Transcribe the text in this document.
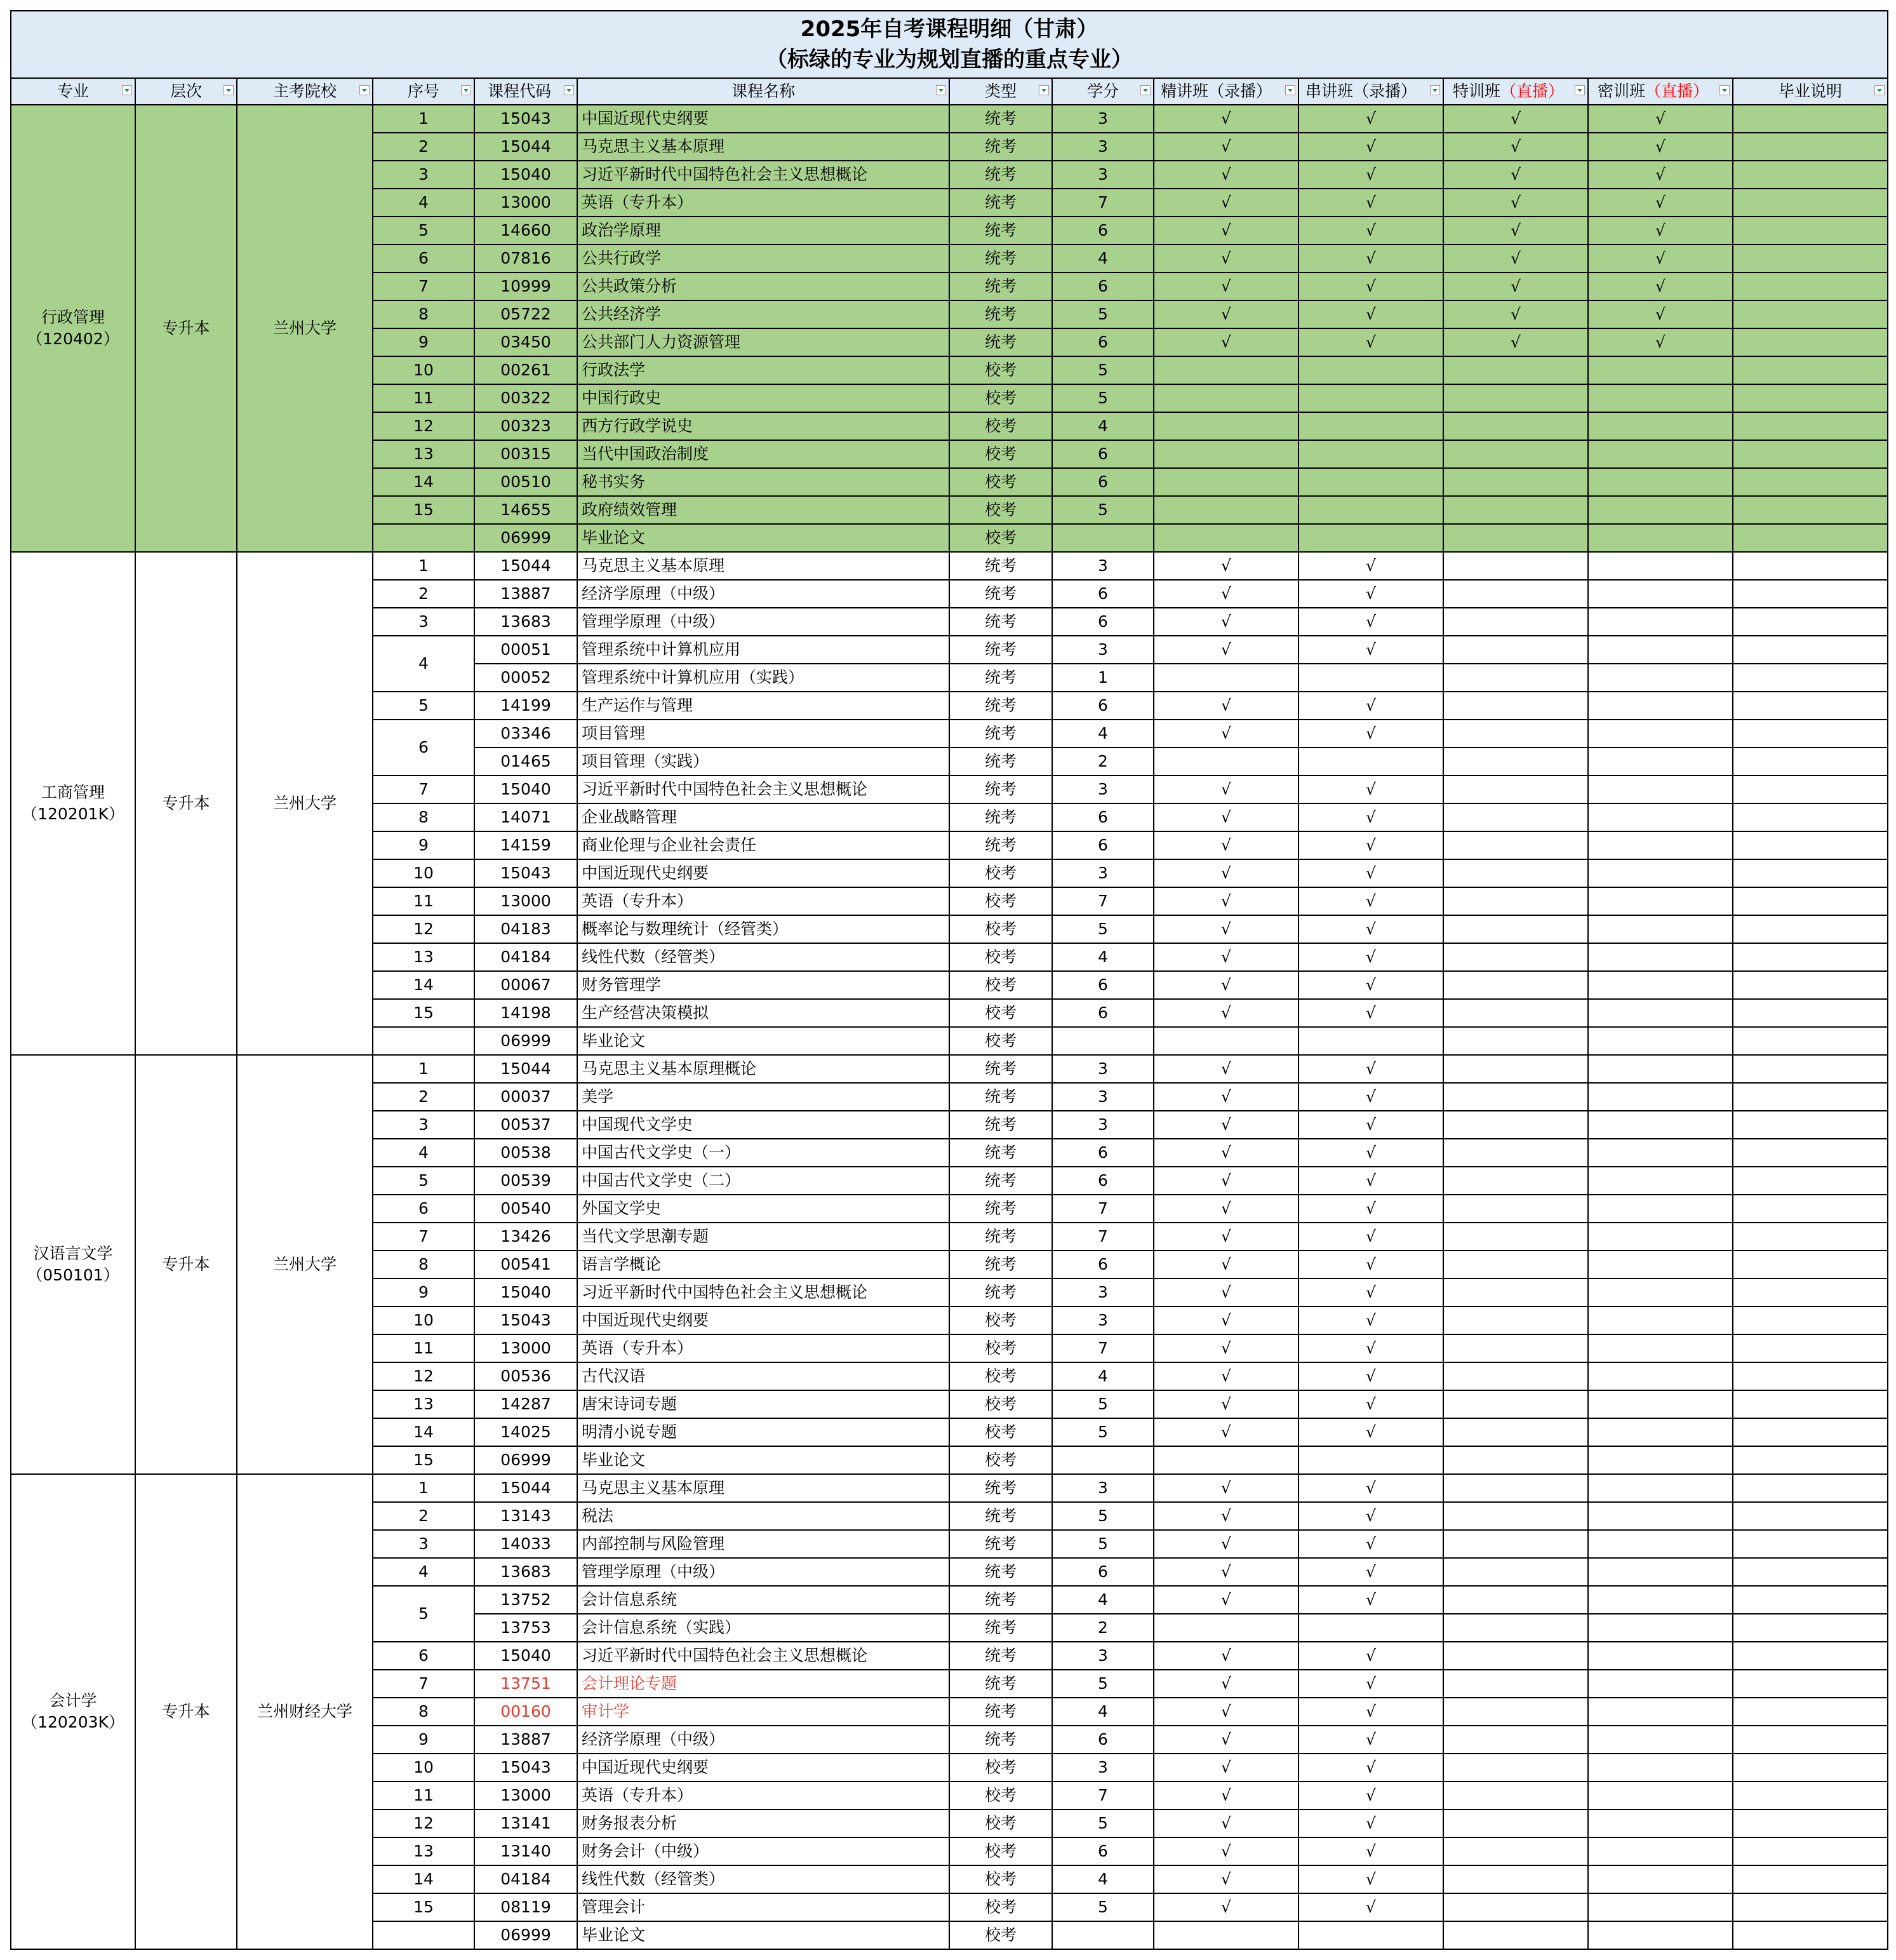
2025年自考课程明细（甘肃）
（标绿的专业为规划直播的重点专业）												

专业	层次	主考院校	序号	课程代码	课程名称	类型	学分	精讲班（录播）	串讲班（录播）	特训班（直播）	密训班（直播）	毕业说明

行政管理
（120402）	专升本	兰州大学	1	15043	中国近现代史纲要	统考	3	√	√	√	√	
			2	15044	马克思主义基本原理	统考	3	√	√	√	√	
			3	15040	习近平新时代中国特色社会主义思想概论	统考	3	√	√	√	√	
			4	13000	英语（专升本）	统考	7	√	√	√	√	
			5	14660	政治学原理	统考	6	√	√	√	√	
			6	07816	公共行政学	统考	4	√	√	√	√	
			7	10999	公共政策分析	统考	6	√	√	√	√	
			8	05722	公共经济学	统考	5	√	√	√	√	
			9	03450	公共部门人力资源管理	统考	6	√	√	√	√	
			10	00261	行政法学	校考	5					
			11	00322	中国行政史	校考	5					
			12	00323	西方行政学说史	校考	4					
			13	00315	当代中国政治制度	校考	6					
			14	00510	秘书实务	校考	6					
			15	14655	政府绩效管理	校考	5					
				06999	毕业论文	校考						

工商管理
（120201K）	专升本	兰州大学	1	15044	马克思主义基本原理	统考	3	√	√			
			2	13887	经济学原理（中级）	统考	6	√	√			
			3	13683	管理学原理（中级）	统考	6	√	√			
			4	00051	管理系统中计算机应用	统考	3	√	√			
				00052	管理系统中计算机应用（实践）	统考	1					
			5	14199	生产运作与管理	统考	6	√	√			
			6	03346	项目管理	统考	4	√	√			
				01465	项目管理（实践）	统考	2					
			7	15040	习近平新时代中国特色社会主义思想概论	统考	3	√	√			
			8	14071	企业战略管理	统考	6	√	√			
			9	14159	商业伦理与企业社会责任	统考	6	√	√			
			10	15043	中国近现代史纲要	校考	3	√	√			
			11	13000	英语（专升本）	校考	7	√	√			
			12	04183	概率论与数理统计（经管类）	校考	5	√	√			
			13	04184	线性代数（经管类）	校考	4	√	√			
			14	00067	财务管理学	校考	6	√	√			
			15	14198	生产经营决策模拟	校考	6	√	√			
				06999	毕业论文	校考						

汉语言文学
（050101）	专升本	兰州大学	1	15044	马克思主义基本原理概论	统考	3	√	√			
			2	00037	美学	统考	3	√	√			
			3	00537	中国现代文学史	统考	3	√	√			
			4	00538	中国古代文学史（一）	统考	6	√	√			
			5	00539	中国古代文学史（二）	统考	6	√	√			
			6	00540	外国文学史	统考	7	√	√			
			7	13426	当代文学思潮专题	统考	7	√	√			
			8	00541	语言学概论	统考	6	√	√			
			9	15040	习近平新时代中国特色社会主义思想概论	统考	3	√	√			
			10	15043	中国近现代史纲要	校考	3	√	√			
			11	13000	英语（专升本）	校考	7	√	√			
			12	00536	古代汉语	校考	4	√	√			
			13	14287	唐宋诗词专题	校考	5	√	√			
			14	14025	明清小说专题	校考	5	√	√			
			15	06999	毕业论文	校考						

会计学
（120203K）	专升本	兰州财经大学	1	15044	马克思主义基本原理	统考	3	√	√			
			2	13143	税法	统考	5	√	√			
			3	14033	内部控制与风险管理	统考	5	√	√			
			4	13683	管理学原理（中级）	统考	6	√	√			
			5	13752	会计信息系统	统考	4	√	√			
				13753	会计信息系统（实践）	统考	2					
			6	15040	习近平新时代中国特色社会主义思想概论	统考	3	√	√			
			7	13751	会计理论专题	统考	5	√	√			
			8	00160	审计学	统考	4	√	√			
			9	13887	经济学原理（中级）	统考	6	√	√			
			10	15043	中国近现代史纲要	校考	3	√	√			
			11	13000	英语（专升本）	校考	7	√	√			
			12	13141	财务报表分析	校考	5	√	√			
			13	13140	财务会计（中级）	校考	6	√	√			
			14	04184	线性代数（经管类）	校考	4	√	√			
			15	08119	管理会计	校考	5	√	√			
				06999	毕业论文	校考						
